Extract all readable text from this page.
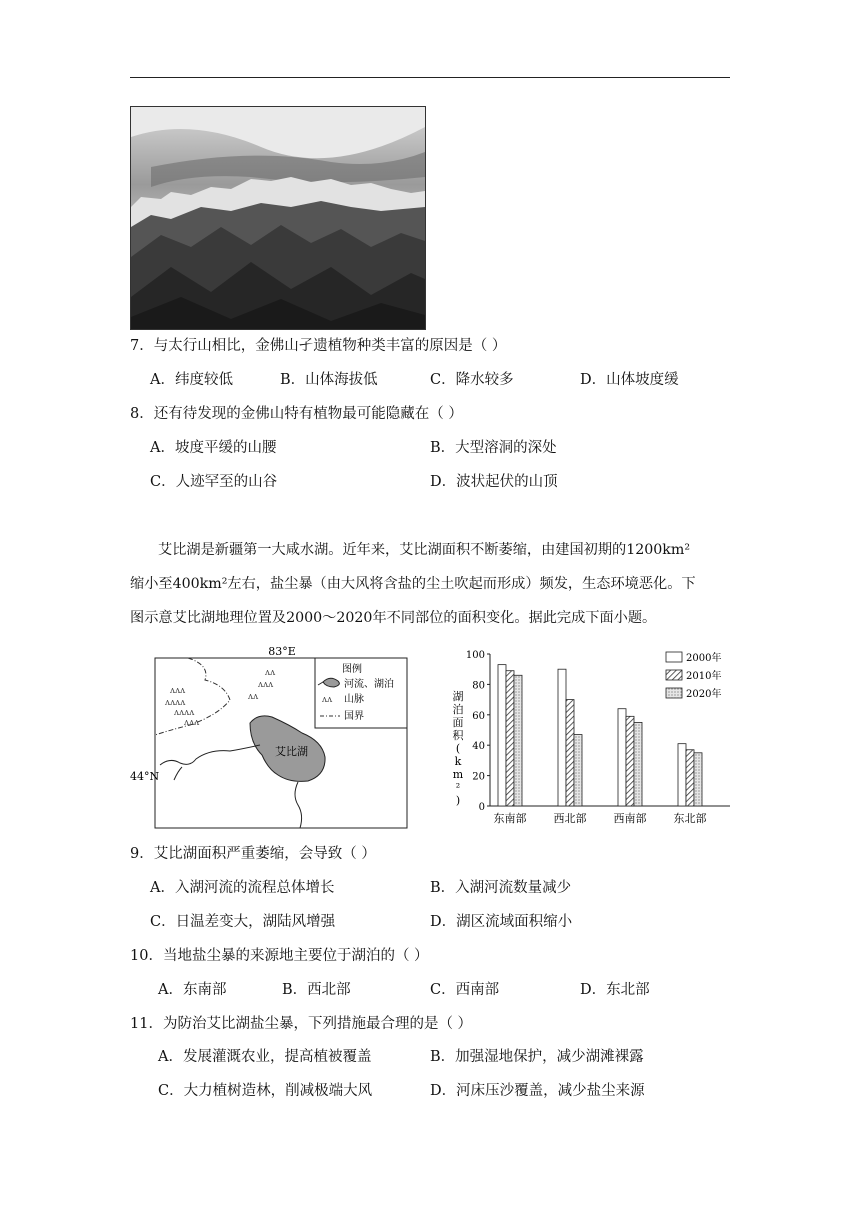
7．与太行山相比，金佛山孑遗植物种类丰富的原因是（ ）
A．纬度较低	B．山体海拔低	C．降水较多	D．山体坡度缓
8．还有待发现的金佛山特有植物最可能隐藏在（ ）
A．坡度平缓的山腰	B．大型溶洞的深处
C．人迹罕至的山谷	D．波状起伏的山顶

艾比湖是新疆第一大咸水湖。近年来，艾比湖面积不断萎缩，由建国初期的1200km²

缩小至400km²左右，盐尘暴（由大风将含盐的尘土吹起而形成）频发，生态环境恶化。下

图示意艾比湖地理位置及2000～2020年不同部位的面积变化。据此完成下面小题。

83°E
44°N
ᴧᴧᴧ
ᴧᴧᴧᴧ
ᴧᴧᴧᴧ
ᴧᴧᴧ
ᴧᴧ
ᴧᴧᴧ
ᴧᴧ
艾比湖
图例
河流、湖泊
ᴧᴧ 山脉
国界
0
20
40
60
80
100
湖
泊
面
积
(
k
m
²
)
东南部 西北部 西南部 东北部
2000年
2010年
2020年
9．艾比湖面积严重萎缩，会导致（ ）
A．入湖河流的流程总体增长	B．入湖河流数量减少
C．日温差变大，湖陆风增强	D．湖区流域面积缩小
10．当地盐尘暴的来源地主要位于湖泊的（ ）
A．东南部	B．西北部	C．西南部	D．东北部
11．为防治艾比湖盐尘暴，下列措施最合理的是（ ）
A．发展灌溉农业，提高植被覆盖	B．加强湿地保护，减少湖滩裸露
C．大力植树造林，削减极端大风	D．河床压沙覆盖，减少盐尘来源
